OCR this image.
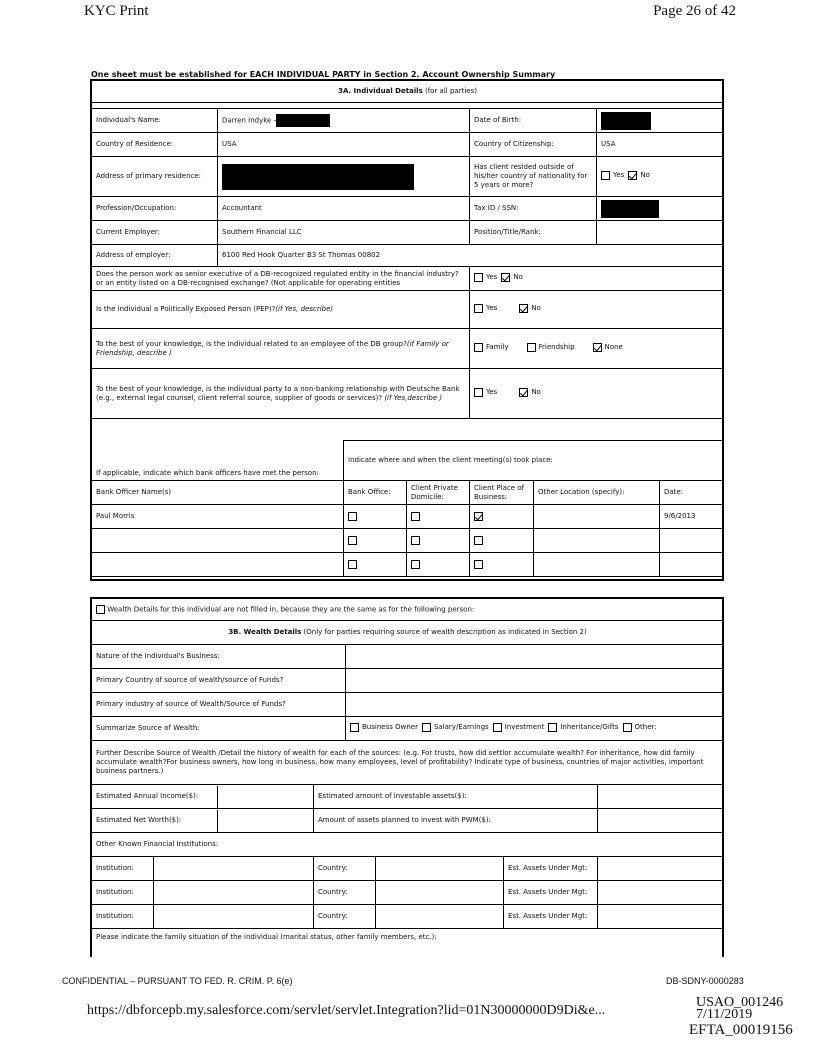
KYC Print	Page 26 of 42
One sheet must be established for EACH INDIVIDUAL PARTY in Section 2. Account Ownership Summary
3A. Individual Details (for all parties)							

Individual's Name:	Darren Indyke -			Date of Birth:			
Country of Residence:	USA			Country of Citizenship:		USA	
Address of primary residence:				Has client resided outside of his/her country of nationality for 5 years or more?		Yes No	

Profession/Occupation:	Accountant			Tax ID / SSN:			
Current Employer:	Southern Financial LLC			Position/Title/Rank:			
Address of employer:	6100 Red Hook Quarter B3 St Thomas 00802						
Does the person work as senior executive of a DB-recognized regulated entity in the financial industry? or an entity listed on a DB-recognised exchange? (Not applicable for operating entities				Yes No			

Is the individual a Politically Exposed Person (PEP)?(if Yes, describe)				Yes No			

To the best of your knowledge, is the individual related to an employee of the DB group?(if Family or Friendship, describe )				Family Friendship None			

To the best of your knowledge, is the individual party to a non-banking relationship with Deutsche Bank (e.g., external legal counsel, client referral source, supplier of goods or services)? (if Yes,describe )				Yes No			

If applicable, indicate which bank officers have met the person:		Indicate where and when the client meeting(s) took place:					
Bank Officer Name(s)		Bank Office:	Client Private Domicile:	Client Place of Business:	Other Location (specify):		Date:
Paul Morris							9/6/2013

Wealth Details for this individual are not filled in, because they are the same as for the following person:						
3B. Wealth Details (Only for parties requiring source of wealth description as indicated in Section 2)						
Nature of the Individual's Business:						
Primary Country of source of wealth/source of Funds?						
Primary industry of source of Wealth/Source of Funds?						
Summarize Source of Wealth:			Business Owner Salary/Earnings Investment Inheritance/Gifts Other:			

Further Describe Source of Wealth /Detail the history of wealth for each of the sources: (e.g. For trusts, how did settlor accumulate wealth? For inheritance, how did family accumulate wealth?For business owners, how long in business, how many employees, level of profitability? Indicate type of business, countries of major activities, important business partners.)						

Estimated Annual Income($):		Estimated amount of investable assets($):				

Estimated Net Worth($):		Amount of assets planned to invest with PWM($):				
Other Known Financial Institutions:						
Institution:		Country:			Est. Assets Under Mgt:	
Institution:		Country:			Est. Assets Under Mgt:	
Institution:		Country:			Est. Assets Under Mgt:	
Please indicate the family situation of the individual (marital status, other family members, etc.):						
CONFIDENTIAL – PURSUANT TO FED. R. CRIM. P. 6(e)	DB-SDNY-0000283
https://dbforcepb.my.salesforce.com/servlet/servlet.Integration?lid=01N30000000D9Di&e...
USAO_001246
7/11/2019
EFTA_00019156
